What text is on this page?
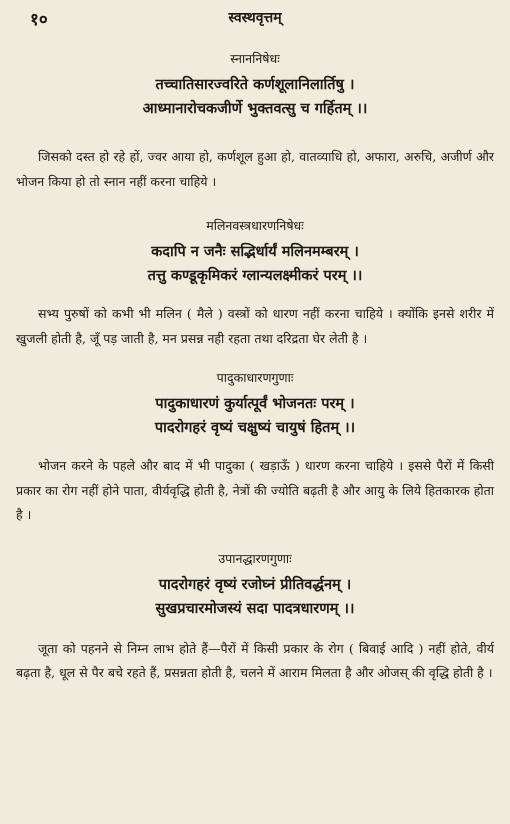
१०	स्वस्थवृत्तम्
स्नाननिषेधः
तच्चातिसारज्वरिते कर्णशूलानिलार्तिषु ।
आध्मानारोचकजीर्णे भुक्तवत्सु च गर्हितम् ।।

जिसको दस्त हो रहे हों, ज्वर आया हो, कर्णशूल हुआ हो, वातव्याधि हो, अफारा, अरुचि, अजीर्ण और भोजन किया हो तो स्नान नहीं करना चाहिये ।

मलिनवस्त्रधारणनिषेधः
कदापि न जनैः सद्भिर्धार्यं मलिनमम्बरम् ।
तत्तु कण्डूकृमिकरं ग्लान्यलक्ष्मीकरं परम् ।।

सभ्य पुरुषों को कभी भी मलिन ( मैले ) वस्त्रों को धारण नहीं करना चाहिये । क्योंकि इनसे शरीर में खुजली होती है, जूँ पड़ जाती है, मन प्रसन्न नही रहता तथा दरिद्रता घेर लेती है ।

पादुकाधारणगुणाः
पादुकाधारणं कुर्यात्पूर्वं भोजनतः परम् ।
पादरोगहरं वृष्यं चक्षुष्यं चायुषं हितम् ।।

भोजन करने के पहले और बाद में भी पादुका ( खड़ाऊँ ) धारण करना चाहिये । इससे पैरों में किसी प्रकार का रोग नहीं होने पाता, वीर्यवृद्धि होती है, नेत्रों की ज्योति बढ़ती है और आयु के लिये हितकारक होता है ।

उपानद्धारणगुणाः
पादरोगहरं वृष्यं रजोघ्नं प्रीतिवर्द्धनम् ।
सुखप्रचारमोजस्यं सदा पादत्रधारणम् ।।

जूता को पहनने से निम्न लाभ होते हैं—पैरों में किसी प्रकार के रोग ( बिवाई आदि ) नहीं होते, वीर्य बढ़ता है, धूल से पैर बचे रहते हैं, प्रसन्नता होती है, चलने में आराम मिलता है और ओजस् की वृद्धि होती है ।
